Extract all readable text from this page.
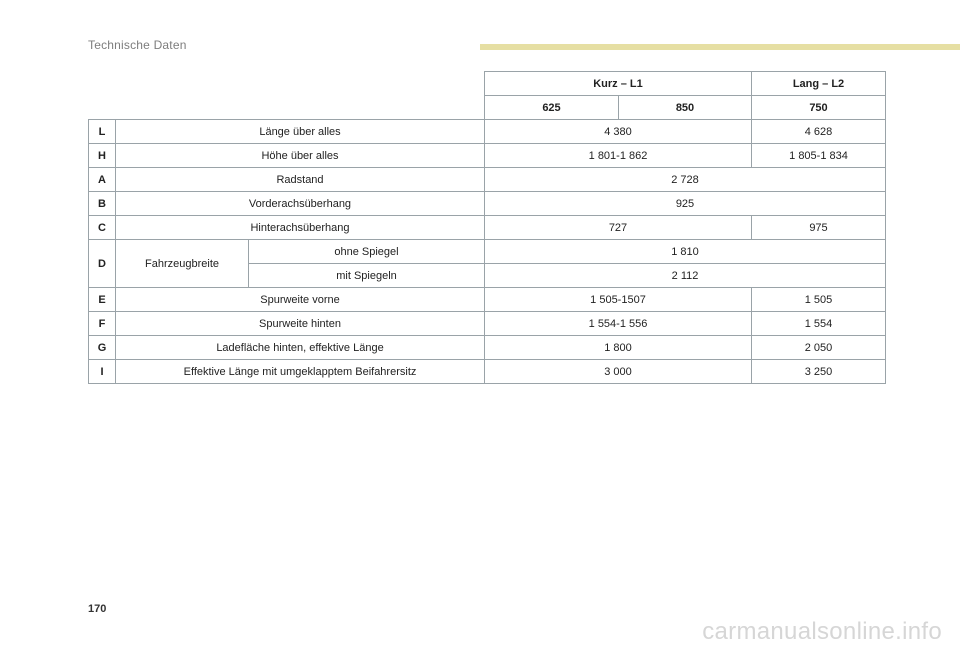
Technische Daten
			Kurz – L1		Lang – L2
			625	850	750
L	Länge über alles		4 380		4 628
H	Höhe über alles		1 801-1 862		1 805-1 834
A	Radstand		2 728		
B	Vorderachsüberhang		925		
C	Hinterachsüberhang		727		975
D	Fahrzeugbreite	ohne Spiegel	1 810		
		mit Spiegeln	2 112		
E	Spurweite vorne		1 505-1507		1 505
F	Spurweite hinten		1 554-1 556		1 554
G	Ladefläche hinten, effektive Länge		1 800		2 050
I	Effektive Länge mit umgeklapptem Beifahrersitz		3 000		3 250
170
carmanualsonline.info
